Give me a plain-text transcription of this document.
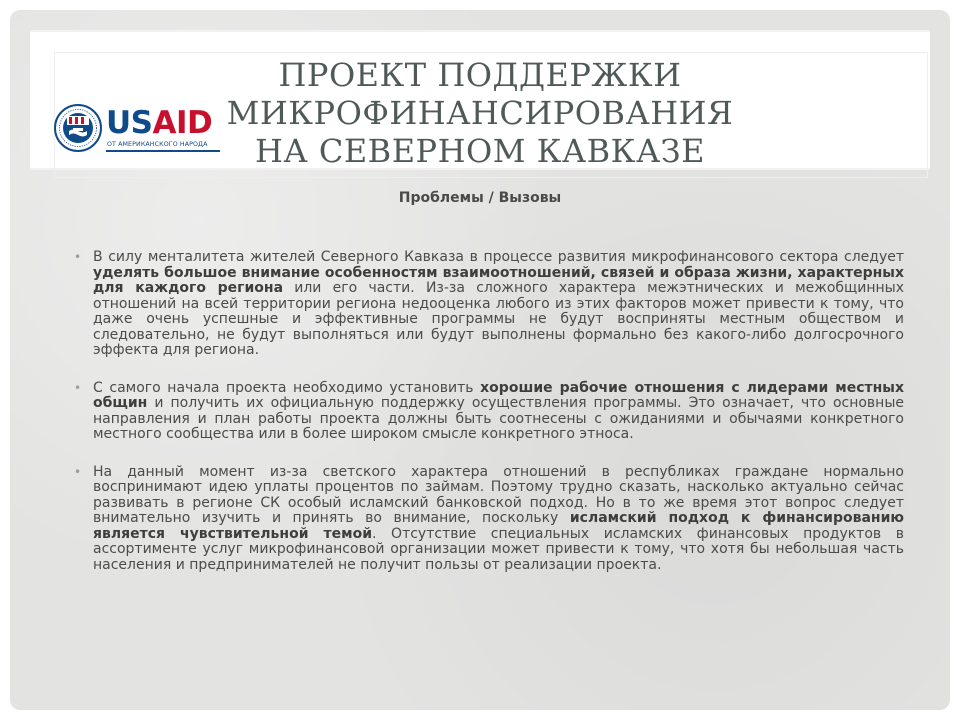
ПРОЕКТ ПОДДЕРЖКИ МИКРОФИНАНСИРОВАНИЯ
НА СЕВЕРНОМ КАВКАЗЕ
USAID
ОТ АМЕРИКАНСКОГО НАРОДА

Проблемы / Вызовы

• В силу менталитета жителей Северного Кавказа в процессе развития микрофинансового сектора следует уделять большое внимание особенностям взаимоотношений, связей и образа жизни, характерных для каждого региона или его части. Из-за сложного характера межэтнических и межобщинных отношений на всей территории региона недооценка любого из этих факторов может привести к тому, что даже очень успешные и эффективные программы не будут восприняты местным обществом и следовательно, не будут выполняться или будут выполнены формально без какого-либо долгосрочного эффекта для региона.
• С самого начала проекта необходимо установить хорошие рабочие отношения с лидерами местных общин и получить их официальную поддержку осуществления программы. Это означает, что основные направления и план работы проекта должны быть соотнесены с ожиданиями и обычаями конкретного местного сообщества или в более широком смысле конкретного этноса.
• На данный момент из-за светского характера отношений в республиках граждане нормально воспринимают идею уплаты процентов по займам. Поэтому трудно сказать, насколько актуально сейчас развивать в регионе СК особый исламский банковской подход. Но в то же время этот вопрос следует внимательно изучить и принять во внимание, поскольку исламский подход к финансированию является чувствительной темой. Отсутствие специальных исламских финансовых продуктов в ассортименте услуг микрофинансовой организации может привести к тому, что хотя бы небольшая часть населения и предпринимателей не получит пользы от реализации проекта.
